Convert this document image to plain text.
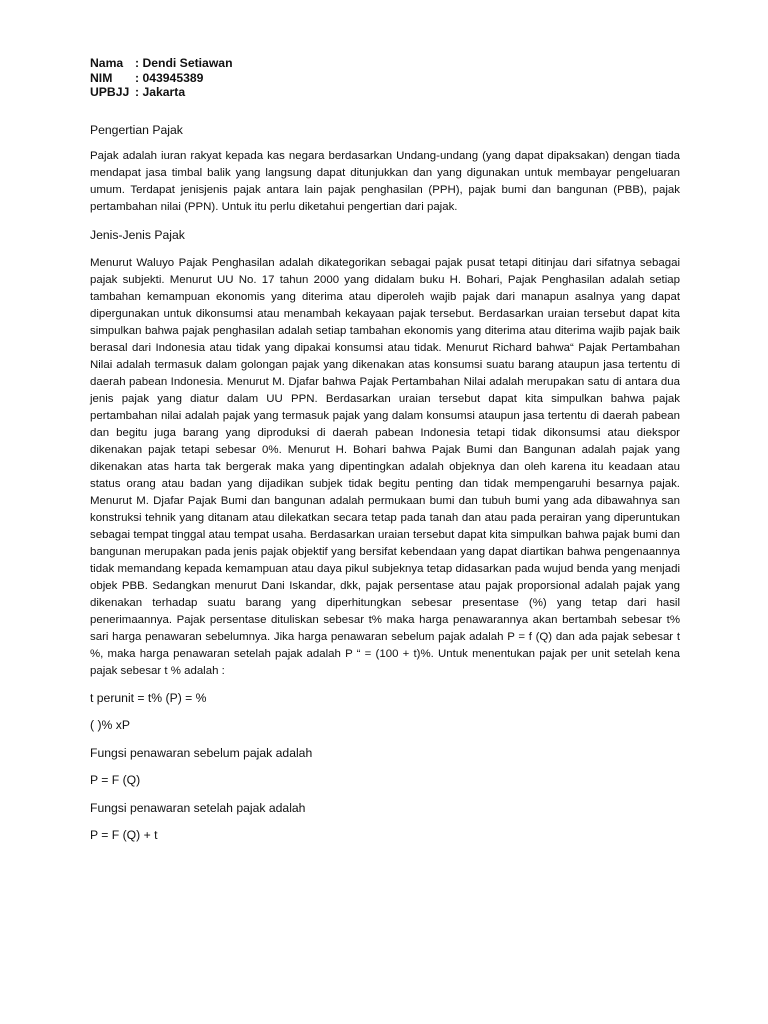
Nama : Dendi Setiawan
NIM	: 043945389
UPBJJ : Jakarta
Pengertian Pajak

Pajak adalah iuran rakyat kepada kas negara berdasarkan Undang-undang (yang dapat dipaksakan) dengan tiada mendapat jasa timbal balik yang langsung dapat ditunjukkan dan yang digunakan untuk membayar pengeluaran umum. Terdapat jenisjenis pajak antara lain pajak penghasilan (PPH), pajak bumi dan bangunan (PBB), pajak pertambahan nilai (PPN). Untuk itu perlu diketahui pengertian dari pajak.

Jenis-Jenis Pajak

Menurut Waluyo Pajak Penghasilan adalah dikategorikan sebagai pajak pusat tetapi ditinjau dari sifatnya sebagai pajak subjekti. Menurut UU No. 17 tahun 2000 yang didalam buku H. Bohari, Pajak Penghasilan adalah setiap tambahan kemampuan ekonomis yang diterima atau diperoleh wajib pajak dari manapun asalnya yang dapat dipergunakan untuk dikonsumsi atau menambah kekayaan pajak tersebut. Berdasarkan uraian tersebut dapat kita simpulkan bahwa pajak penghasilan adalah setiap tambahan ekonomis yang diterima atau diterima wajib pajak baik berasal dari Indonesia atau tidak yang dipakai konsumsi atau tidak. Menurut Richard bahwa“ Pajak Pertambahan Nilai adalah termasuk dalam golongan pajak yang dikenakan atas konsumsi suatu barang ataupun jasa tertentu di daerah pabean Indonesia. Menurut M. Djafar bahwa Pajak Pertambahan Nilai adalah merupakan satu di antara dua jenis pajak yang diatur dalam UU PPN. Berdasarkan uraian tersebut dapat kita simpulkan bahwa pajak pertambahan nilai adalah pajak yang termasuk pajak yang dalam konsumsi ataupun jasa tertentu di daerah pabean dan begitu juga barang yang diproduksi di daerah pabean Indonesia tetapi tidak dikonsumsi atau diekspor dikenakan pajak tetapi sebesar 0%. Menurut H. Bohari bahwa Pajak Bumi dan Bangunan adalah pajak yang dikenakan atas harta tak bergerak maka yang dipentingkan adalah objeknya dan oleh karena itu keadaan atau status orang atau badan yang dijadikan subjek tidak begitu penting dan tidak mempengaruhi besarnya pajak. Menurut M. Djafar Pajak Bumi dan bangunan adalah permukaan bumi dan tubuh bumi yang ada dibawahnya san konstruksi tehnik yang ditanam atau dilekatkan secara tetap pada tanah dan atau pada perairan yang diperuntukan sebagai tempat tinggal atau tempat usaha. Berdasarkan uraian tersebut dapat kita simpulkan bahwa pajak bumi dan bangunan merupakan pada jenis pajak objektif yang bersifat kebendaan yang dapat diartikan bahwa pengenaannya tidak memandang kepada kemampuan atau daya pikul subjeknya tetap didasarkan pada wujud benda yang menjadi objek PBB. Sedangkan menurut Dani Iskandar, dkk, pajak persentase atau pajak proporsional adalah pajak yang dikenakan terhadap suatu barang yang diperhitungkan sebesar presentase (%) yang tetap dari hasil penerimaannya. Pajak persentase dituliskan sebesar t% maka harga penawarannya akan bertambah sebesar t% sari harga penawaran sebelumnya. Jika harga penawaran sebelum pajak adalah P = f (Q) dan ada pajak sebesar t %, maka harga penawaran setelah pajak adalah P “ = (100 + t)%. Untuk menentukan pajak per unit setelah kena pajak sebesar t % adalah :

t perunit = t% (P) = %

( )% xP

Fungsi penawaran sebelum pajak adalah

P = F (Q)

Fungsi penawaran setelah pajak adalah

P = F (Q) + t
